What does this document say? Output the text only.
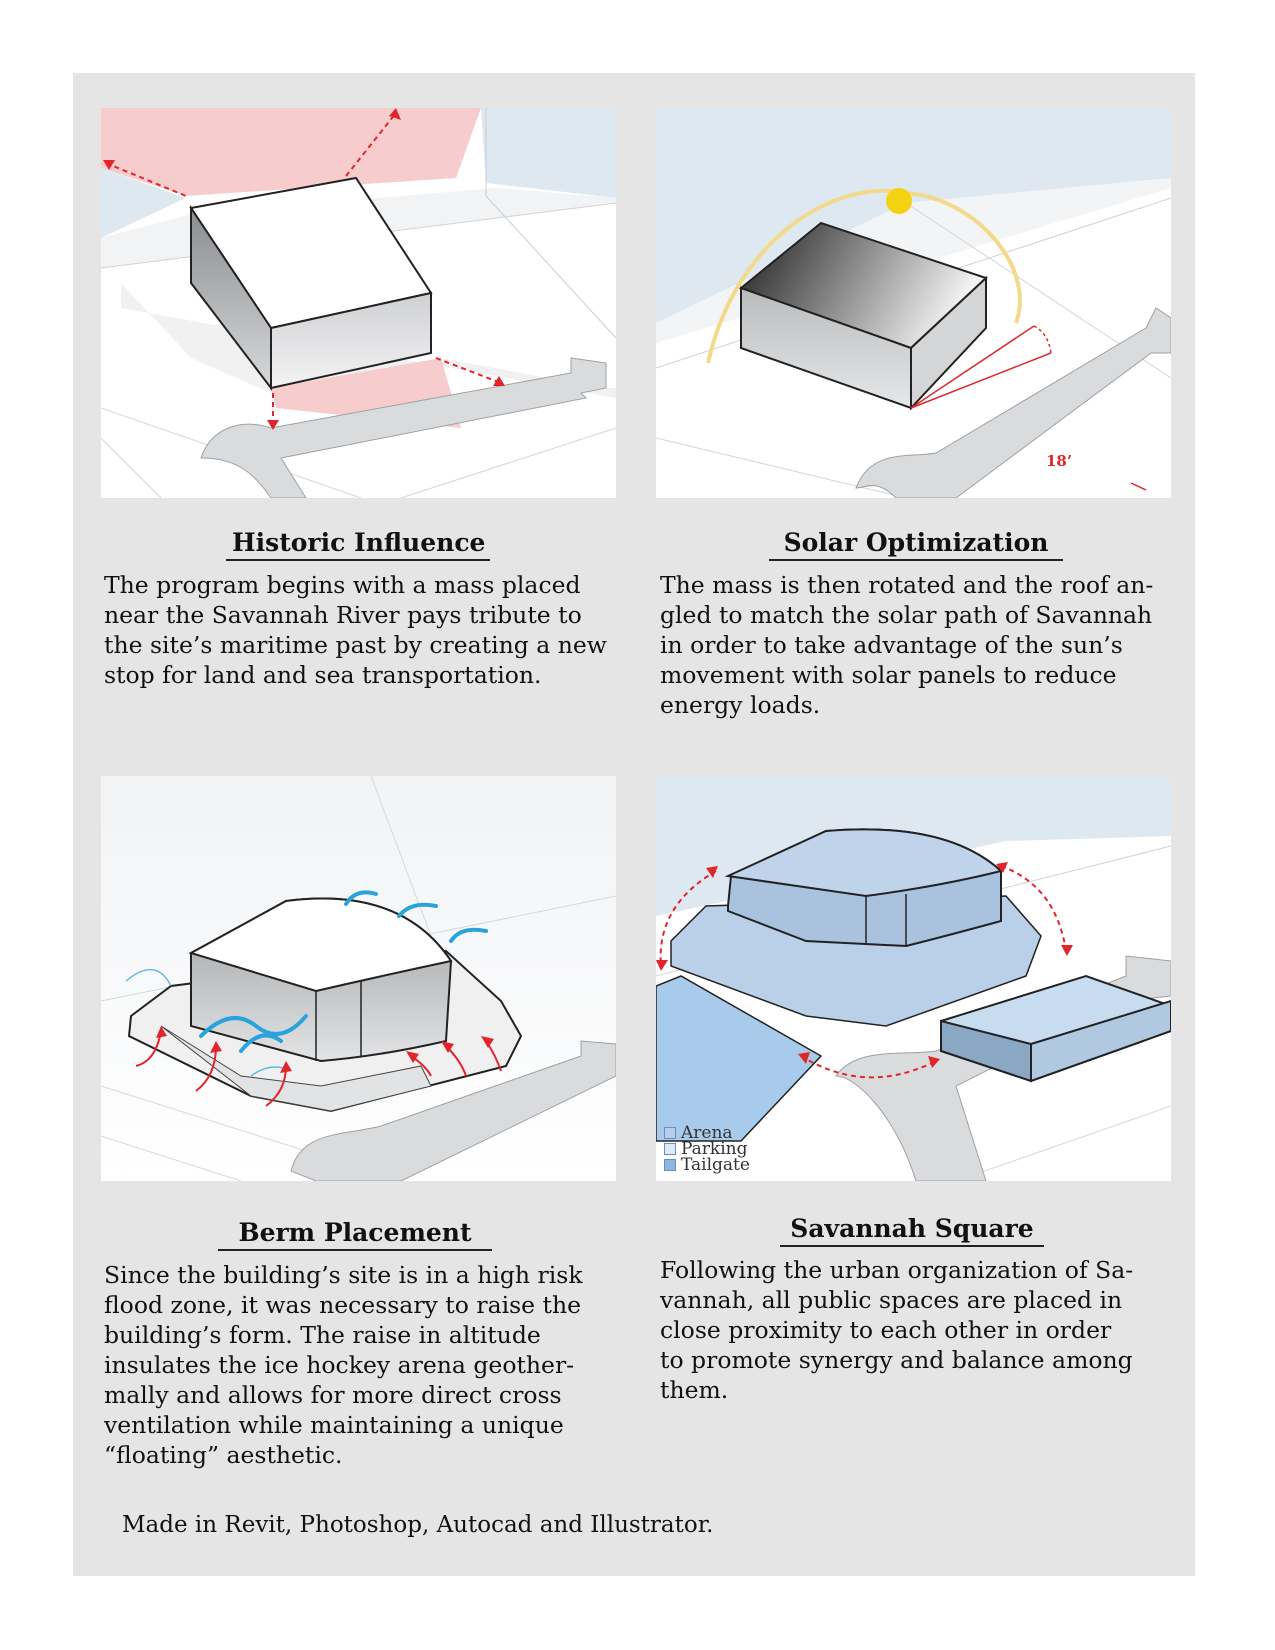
18’
Arena
Parking
Tailgate
Historic Influence	Solar Optimization
Berm Placement	Savannah Square

The program begins with a mass placed

near the Savannah River pays tribute to

the site’s maritime past by creating a new

stop for land and sea transportation.

The mass is then rotated and the roof an-

gled to match the solar path of Savannah

in order to take advantage of the sun’s

movement with solar panels to reduce

energy loads.

Since the building’s site is in a high risk

flood zone, it was necessary to raise the

building’s form. The raise in altitude

insulates the ice hockey arena geother-

mally and allows for more direct cross

ventilation while maintaining a unique

“floating” aesthetic.

Following the urban organization of Sa-

vannah, all public spaces are placed in

close proximity to each other in order

to promote synergy and balance among

them.

Made in Revit, Photoshop, Autocad and Illustrator.
